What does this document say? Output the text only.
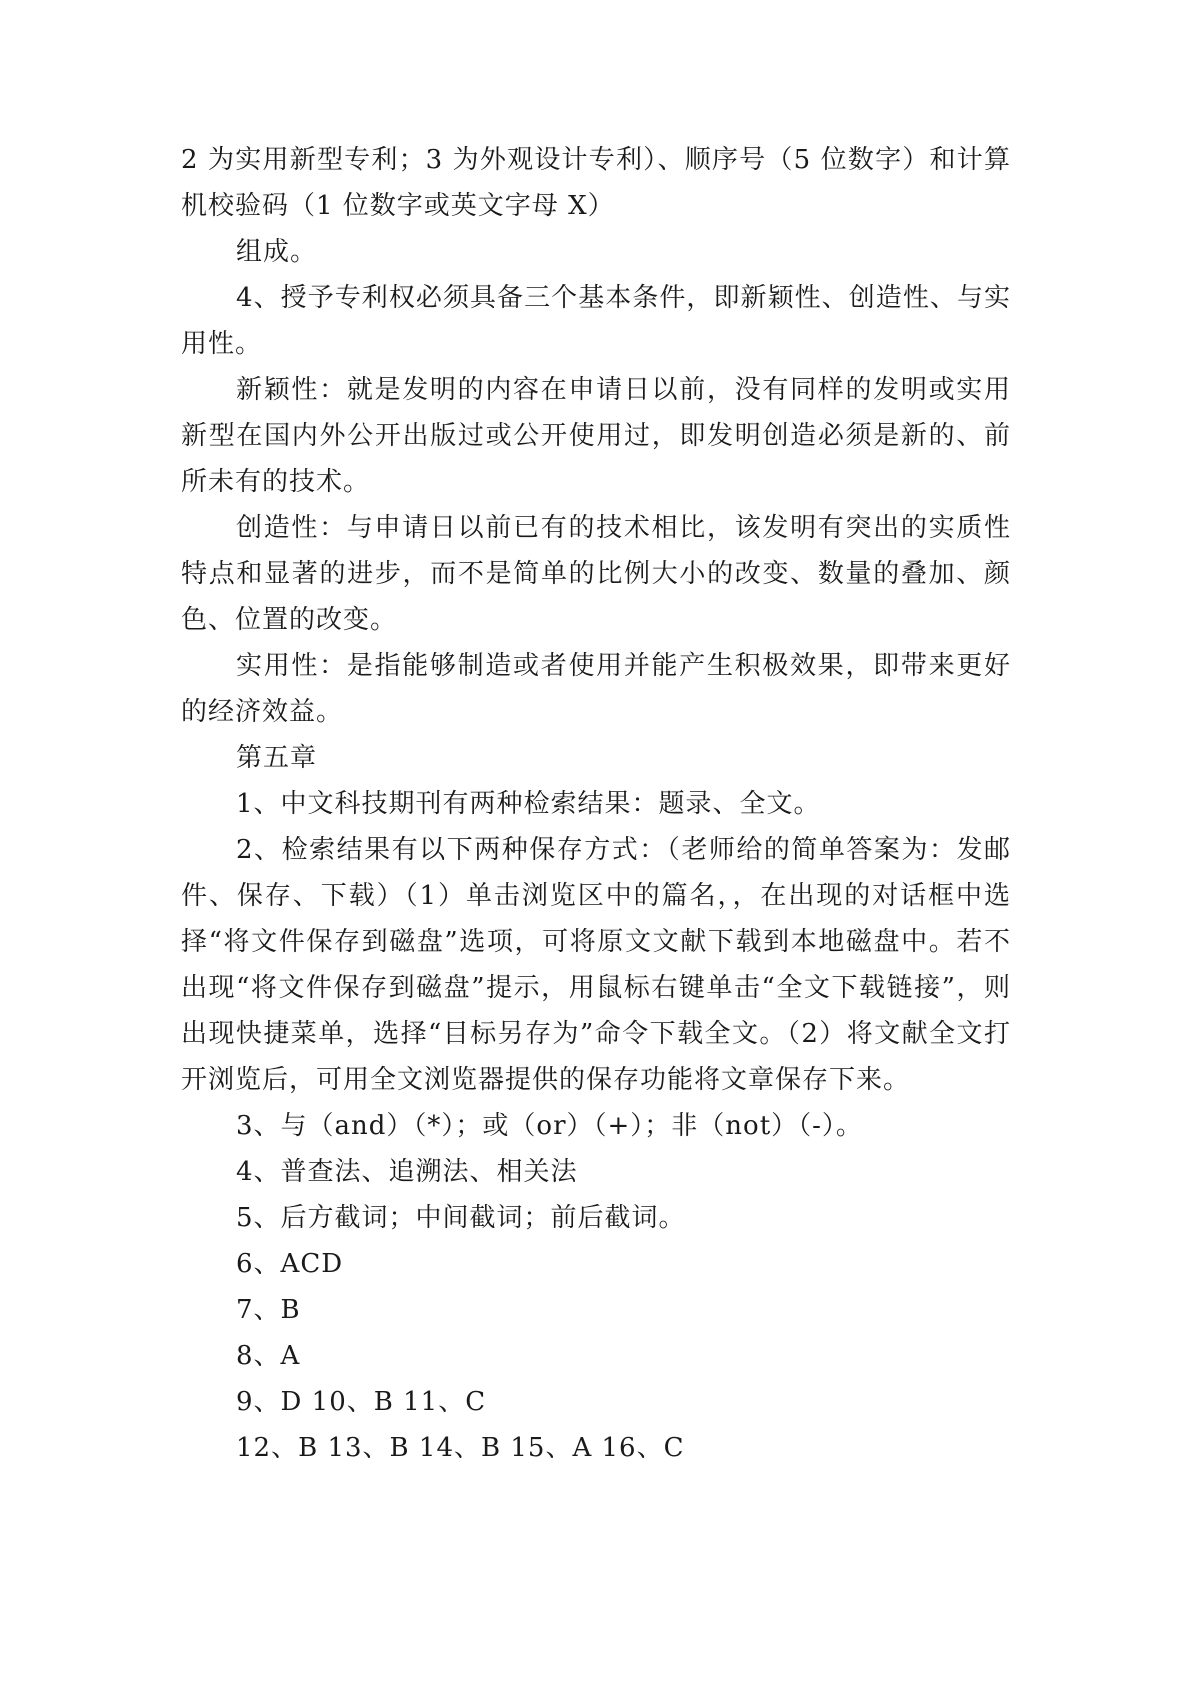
2 为实用新型专利；3 为外观设计专利）、顺序号（5 位数字）和计算机校验码（1 位数字或英文字母 X）

组成。

4、授予专利权必须具备三个基本条件，即新颖性、创造性、与实用性。

新颖性：就是发明的内容在申请日以前，没有同样的发明或实用新型在国内外公开出版过或公开使用过，即发明创造必须是新的、前所未有的技术。

创造性：与申请日以前已有的技术相比，该发明有突出的实质性特点和显著的进步，而不是简单的比例大小的改变、数量的叠加、颜色、位置的改变。

实用性：是指能够制造或者使用并能产生积极效果，即带来更好的经济效益。

第五章

1、中文科技期刊有两种检索结果：题录、全文。

2、检索结果有以下两种保存方式：（老师给的简单答案为：发邮件、保存、下载）（1）单击浏览区中的篇名，，在出现的对话框中选择“将文件保存到磁盘”选项，可将原文文献下载到本地磁盘中。若不出现“将文件保存到磁盘”提示，用鼠标右键单击“全文下载链接”，则出现快捷菜单，选择“目标另存为”命令下载全文。（2）将文献全文打开浏览后，可用全文浏览器提供的保存功能将文章保存下来。

3、与（and）（*）；或（or）（+）；非（not）（-）。

4、普查法、追溯法、相关法

5、后方截词；中间截词；前后截词。

6、ACD

7、B

8、A

9、D 10、B 11、C

12、B 13、B 14、B 15、A 16、C
